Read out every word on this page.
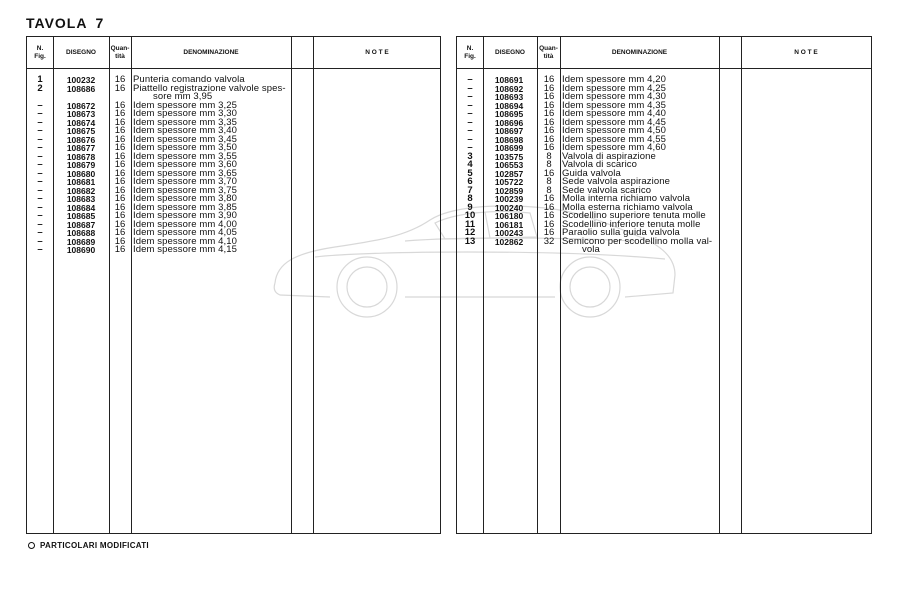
TAVOLA 7
N.
Fig.
DISEGNO
Quan-
tità
DENOMINAZIONE	N O T E
1	100232	16 Punteria comando valvola
2	108686	16 Piattello registrazione valvole spes-
sore mm 3,95
–	108672	16 Idem spessore mm 3,25
–	108673	16 Idem spessore mm 3,30
–	108674	16 Idem spessore mm 3,35
–	108675	16 Idem spessore mm 3,40
–	108676	16 Idem spessore mm 3,45
–	108677	16 Idem spessore mm 3,50
–	108678	16 Idem spessore mm 3,55
–	108679	16 Idem spessore mm 3,60
–	108680	16 Idem spessore mm 3,65
–	108681	16 Idem spessore mm 3,70
–	108682	16 Idem spessore mm 3,75
–	108683	16 Idem spessore mm 3,80
–	108684	16 Idem spessore mm 3,85
–	108685	16 Idem spessore mm 3,90
–	108687	16 Idem spessore mm 4,00
–	108688	16 Idem spessore mm 4,05
–	108689	16 Idem spessore mm 4,10
–	108690	16 Idem spessore mm 4,15
N.
Fig.
DISEGNO
Quan-
tità
DENOMINAZIONE	N O T E
–	108691	16 Idem spessore mm 4,20
–	108692	16 Idem spessore mm 4,25
–	108693	16 Idem spessore mm 4,30
–	108694	16 Idem spessore mm 4,35
–	108695	16 Idem spessore mm 4,40
–	108696	16 Idem spessore mm 4,45
–	108697	16 Idem spessore mm 4,50
–	108698	16 Idem spessore mm 4,55
–	108699	16 Idem spessore mm 4,60
3	103575	8	Valvola di aspirazione
4	106553	8	Valvola di scarico
5	102857	16 Guida valvola
6	105722	8	Sede valvola aspirazione
7	102859	8	Sede valvola scarico
8	100239	16 Molla interna richiamo valvola
9	100240	16 Molla esterna richiamo valvola
10	106180	16 Scodellino superiore tenuta molle
11	106181	16 Scodellino inferiore tenuta molle
12	100243	16 Paraolio sulla guida valvola
13	102862	32 Semicono per scodellino molla val-
vola
PARTICOLARI MODIFICATI
